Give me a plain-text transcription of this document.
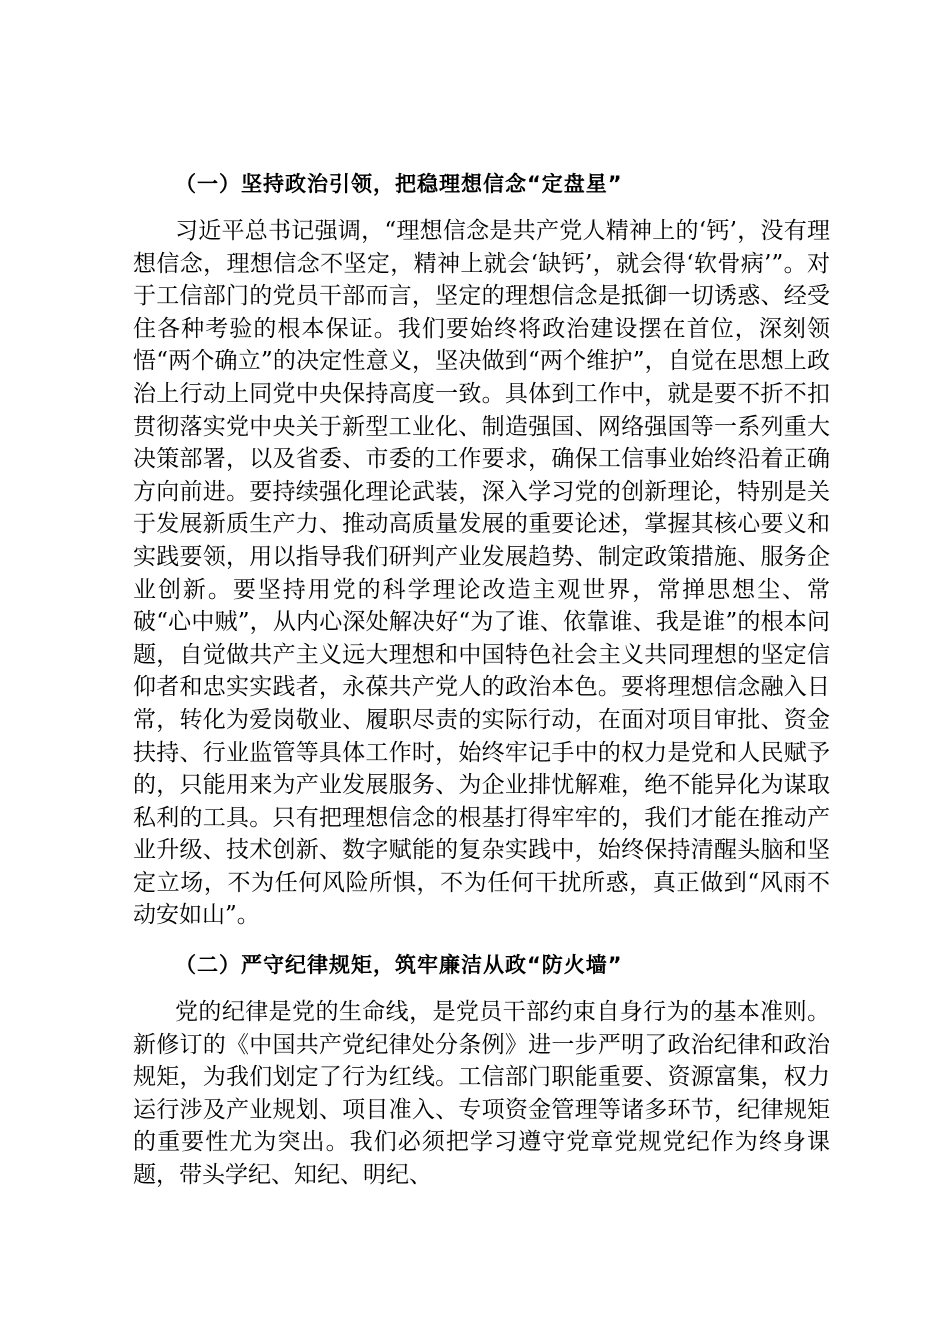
（一）坚持政治引领，把稳理想信念“定盘星”

习近平总书记强调，“理想信念是共产党人精神上的‘钙’，没有理想信念，理想信念不坚定，精神上就会‘缺钙’，就会得‘软骨病’”。对于工信部门的党员干部而言，坚定的理想信念是抵御一切诱惑、经受住各种考验的根本保证。我们要始终将政治建设摆在首位，深刻领悟“两个确立”的决定性意义，坚决做到“两个维护”，自觉在思想上政治上行动上同党中央保持高度一致。具体到工作中，就是要不折不扣贯彻落实党中央关于新型工业化、制造强国、网络强国等一系列重大决策部署，以及省委、市委的工作要求，确保工信事业始终沿着正确方向前进。要持续强化理论武装，深入学习党的创新理论，特别是关于发展新质生产力、推动高质量发展的重要论述，掌握其核心要义和实践要领，用以指导我们研判产业发展趋势、制定政策措施、服务企业创新。要坚持用党的科学理论改造主观世界，常掸思想尘、常破“心中贼”，从内心深处解决好“为了谁、依靠谁、我是谁”的根本问题，自觉做共产主义远大理想和中国特色社会主义共同理想的坚定信仰者和忠实实践者，永葆共产党人的政治本色。要将理想信念融入日常，转化为爱岗敬业、履职尽责的实际行动，在面对项目审批、资金扶持、行业监管等具体工作时，始终牢记手中的权力是党和人民赋予的，只能用来为产业发展服务、为企业排忧解难，绝不能异化为谋取私利的工具。只有把理想信念的根基打得牢牢的，我们才能在推动产业升级、技术创新、数字赋能的复杂实践中，始终保持清醒头脑和坚定立场，不为任何风险所惧，不为任何干扰所惑，真正做到“风雨不动安如山”。

（二）严守纪律规矩，筑牢廉洁从政“防火墙”

党的纪律是党的生命线，是党员干部约束自身行为的基本准则。新修订的《中国共产党纪律处分条例》进一步严明了政治纪律和政治规矩，为我们划定了行为红线。工信部门职能重要、资源富集，权力运行涉及产业规划、项目准入、专项资金管理等诸多环节，纪律规矩的重要性尤为突出。我们必须把学习遵守党章党规党纪作为终身课题，带头学纪、知纪、明纪、
